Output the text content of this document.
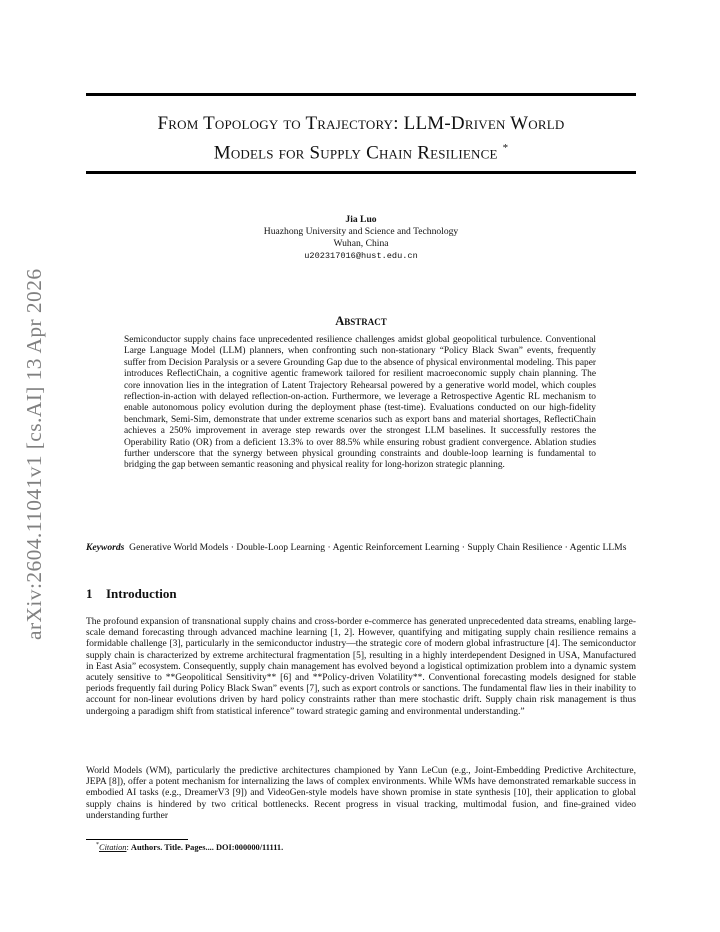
arXiv:2604.11041v1 [cs.AI] 13 Apr 2026
From Topology to Trajectory: LLM-Driven World
Models for Supply Chain Resilience *
Jia Luo
Huazhong University and Science and Technology
Wuhan, China
u202317016@hust.edu.cn
Abstract
Semiconductor supply chains face unprecedented resilience challenges amidst global geopolitical turbulence. Conventional Large Language Model (LLM) planners, when confronting such non-stationary “Policy Black Swan” events, frequently suffer from Decision Paralysis or a severe Grounding Gap due to the absence of physical environmental modeling. This paper introduces ReflectiChain, a cognitive agentic framework tailored for resilient macroeconomic supply chain planning. The core innovation lies in the integration of Latent Trajectory Rehearsal powered by a generative world model, which couples reflection-in-action with delayed reflection-on-action. Furthermore, we leverage a Retrospective Agentic RL mechanism to enable autonomous policy evolution during the deployment phase (test-time). Evaluations conducted on our high-fidelity benchmark, Semi-Sim, demonstrate that under extreme scenarios such as export bans and material shortages, ReflectiChain achieves a 250% improvement in average step rewards over the strongest LLM baselines. It successfully restores the Operability Ratio (OR) from a deficient 13.3% to over 88.5% while ensuring robust gradient convergence. Ablation studies further underscore that the synergy between physical grounding constraints and double-loop learning is fundamental to bridging the gap between semantic reasoning and physical reality for long-horizon strategic planning.
Keywords Generative World Models · Double-Loop Learning · Agentic Reinforcement Learning · Supply Chain Resilience · Agentic LLMs
1 Introduction
The profound expansion of transnational supply chains and cross-border e-commerce has generated unprecedented data streams, enabling large-scale demand forecasting through advanced machine learning [1, 2]. However, quantifying and mitigating supply chain resilience remains a formidable challenge [3], particularly in the semiconductor industry—the strategic core of modern global infrastructure [4]. The semiconductor supply chain is characterized by extreme architectural fragmentation [5], resulting in a highly interdependent Designed in USA, Manufactured in East Asia” ecosystem. Consequently, supply chain management has evolved beyond a logistical optimization problem into a dynamic system acutely sensitive to **Geopolitical Sensitivity** [6] and **Policy-driven Volatility**. Conventional forecasting models designed for stable periods frequently fail during Policy Black Swan” events [7], such as export controls or sanctions. The fundamental flaw lies in their inability to account for non-linear evolutions driven by hard policy constraints rather than mere stochastic drift. Supply chain risk management is thus undergoing a paradigm shift from statistical inference” toward strategic gaming and environmental understanding.”
World Models (WM), particularly the predictive architectures championed by Yann LeCun (e.g., Joint-Embedding Predictive Architecture, JEPA [8]), offer a potent mechanism for internalizing the laws of complex environments. While WMs have demonstrated remarkable success in embodied AI tasks (e.g., DreamerV3 [9]) and VideoGen-style models have shown promise in state synthesis [10], their application to global supply chains is hindered by two critical bottlenecks. Recent progress in visual tracking, multimodal fusion, and fine-grained video understanding further
*Citation: Authors. Title. Pages.... DOI:000000/11111.
